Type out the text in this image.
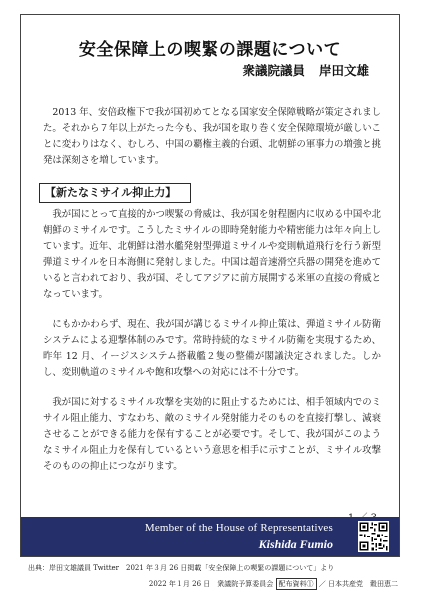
安全保障上の喫緊の課題について
衆議院議員 岸田文雄

2013 年、安倍政権下で我が国初めてとなる国家安全保障戦略が策定されました。それから７年以上がたった今も、我が国を取り巻く安全保障環境が厳しいことに変わりはなく、むしろ、中国の覇権主義的台頭、北朝鮮の軍事力の増強と挑発は深刻さを増しています。

【新たなミサイル抑止力】

我が国にとって直接的かつ喫緊の脅威は、我が国を射程圏内に収める中国や北朝鮮のミサイルです。こうしたミサイルの即時発射能力や精密能力は年々向上しています。近年、北朝鮮は潜水艦発射型弾道ミサイルや変則軌道飛行を行う新型弾道ミサイルを日本海側に発射しました。中国は超音速滑空兵器の開発を進めていると言われており、我が国、そしてアジアに前方展開する米軍の直接の脅威となっています。

にもかかわらず、現在、我が国が講じるミサイル抑止策は、弾道ミサイル防衛システムによる迎撃体制のみです。常時持続的なミサイル防衛を実現するため、昨年 12 月、イージスシステム搭載艦２隻の整備が閣議決定されました。しかし、変則軌道のミサイルや飽和攻撃への対応には不十分です。

我が国に対するミサイル攻撃を実効的に阻止するためには、相手領域内でのミサイル阻止能力、すなわち、敵のミサイル発射能力そのものを直接打撃し、減衰させることができる能力を保有することが必要です。そして、我が国がこのようなミサイル阻止力を保有しているという意思を相手に示すことが、ミサイル攻撃そのものの抑止につながります。

Member of the House of Representatives
Kishida Fumio
出典：岸田文雄議員 Twitter　2021 年３月 26 日掲載「安全保障上の喫緊の課題について」より
2022 年１月 26 日　衆議院予算委員会 配布資料① ／ 日本共産党　穀田恵二
